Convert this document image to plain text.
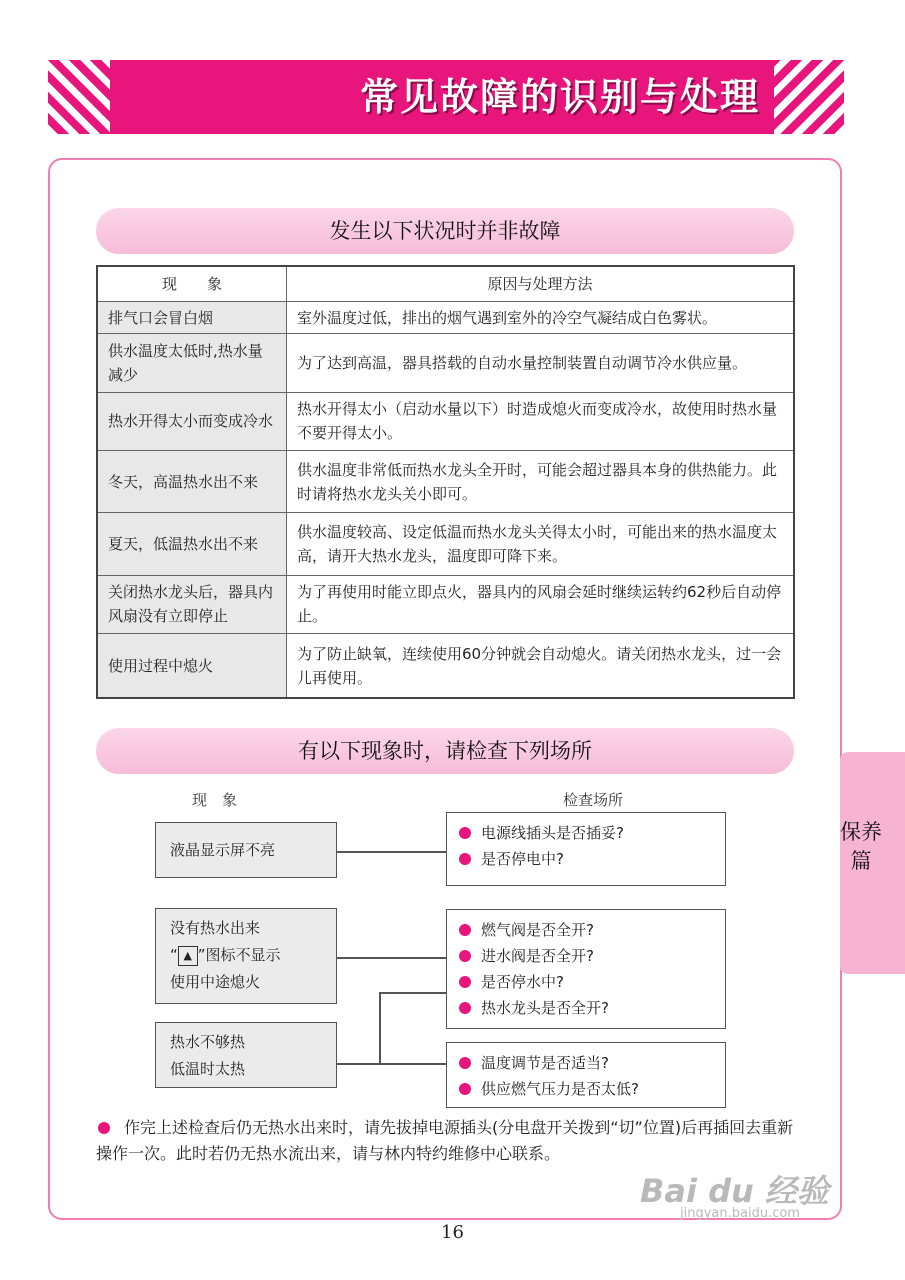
常见故障的识别与处理
发生以下状况时并非故障
现　　象	原因与处理方法
排气口会冒白烟	室外温度过低，排出的烟气遇到室外的冷空气凝结成白色雾状。
供水温度太低时,热水量减少	为了达到高温，器具搭载的自动水量控制装置自动调节冷水供应量。
热水开得太小而变成冷水	热水开得太小（启动水量以下）时造成熄火而变成冷水，故使用时热水量不要开得太小。
冬天，高温热水出不来	供水温度非常低而热水龙头全开时，可能会超过器具本身的供热能力。此时请将热水龙头关小即可。
夏天，低温热水出不来	供水温度较高、设定低温而热水龙头关得太小时，可能出来的热水温度太高，请开大热水龙头，温度即可降下来。
关闭热水龙头后，器具内风扇没有立即停止	为了再使用时能立即点火，器具内的风扇会延时继续运转约62秒后自动停止。
使用过程中熄火	为了防止缺氧，连续使用60分钟就会自动熄火。请关闭热水龙头，过一会儿再使用。
有以下现象时，请检查下列场所
现　象	检查场所
液晶显示屏不亮
没有热水出来
“ ▲ ”图标不显示
使用中途熄火
热水不够热
低温时太热
电源线插头是否插妥?
是否停电中?
燃气阀是否全开?
进水阀是否全开?
是否停水中?
热水龙头是否全开?
温度调节是否适当?
供应燃气压力是否太低?
作完上述检查后仍无热水出来时，请先拔掉电源插头(分电盘开关拨到“切”位置)后再插回去重新操作一次。此时若仍无热水流出来，请与林内特约维修中心联系。
保养篇
16
Bai du 经验
jingyan.baidu.com
